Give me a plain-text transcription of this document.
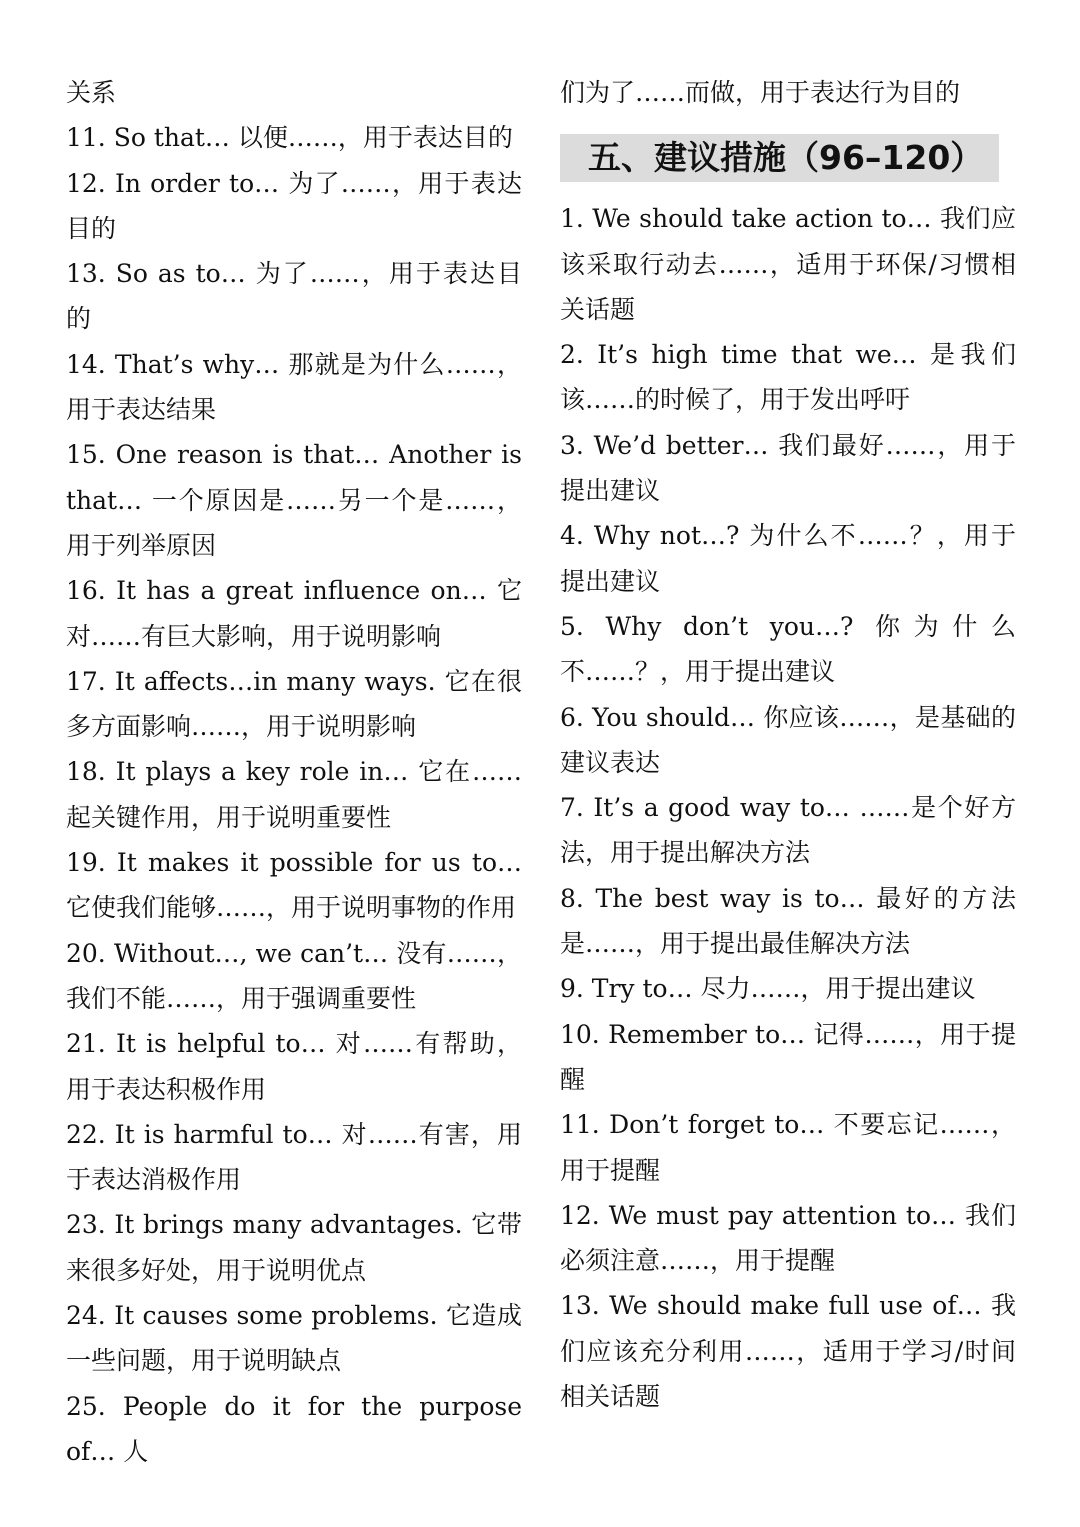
关系

11. So that… 以便……，用于表达目的

12. In order to… 为了……，用于表达目的

13. So as to… 为了……，用于表达目的

14. That’s why… 那就是为什么……，用于表达结果

15. One reason is that… Another is that… 一个原因是……另一个是……，用于列举原因

16. It has a great influence on… 它对……有巨大影响，用于说明影响

17. It affects…in many ways. 它在很多方面影响……，用于说明影响

18. It plays a key role in… 它在……起关键作用，用于说明重要性

19. It makes it possible for us to… 它使我们能够……，用于说明事物的作用

20. Without…, we can’t… 没有……，我们不能……，用于强调重要性

21. It is helpful to… 对……有帮助，用于表达积极作用

22. It is harmful to… 对……有害，用于表达消极作用

23. It brings many advantages. 它带来很多好处，用于说明优点

24. It causes some problems. 它造成一些问题，用于说明缺点

25. People do it for the purpose of… 人

们为了……而做，用于表达行为目的

五、建议措施（96–120）

1. We should take action to… 我们应该采取行动去……，适用于环保/习惯相关话题

2. It’s high time that we… 是我们该……的时候了，用于发出呼吁

3. We’d better… 我们最好……，用于提出建议

4. Why not…? 为什么不……？，用于提出建议

5. Why don’t you…? 你为什么不……？，用于提出建议

6. You should… 你应该……，是基础的建议表达

7. It’s a good way to… ……是个好方法，用于提出解决方法

8. The best way is to… 最好的方法是……，用于提出最佳解决方法

9. Try to… 尽力……，用于提出建议

10. Remember to… 记得……，用于提醒

11. Don’t forget to… 不要忘记……，用于提醒

12. We must pay attention to… 我们必须注意……，用于提醒

13. We should make full use of… 我们应该充分利用……，适用于学习/时间相关话题
